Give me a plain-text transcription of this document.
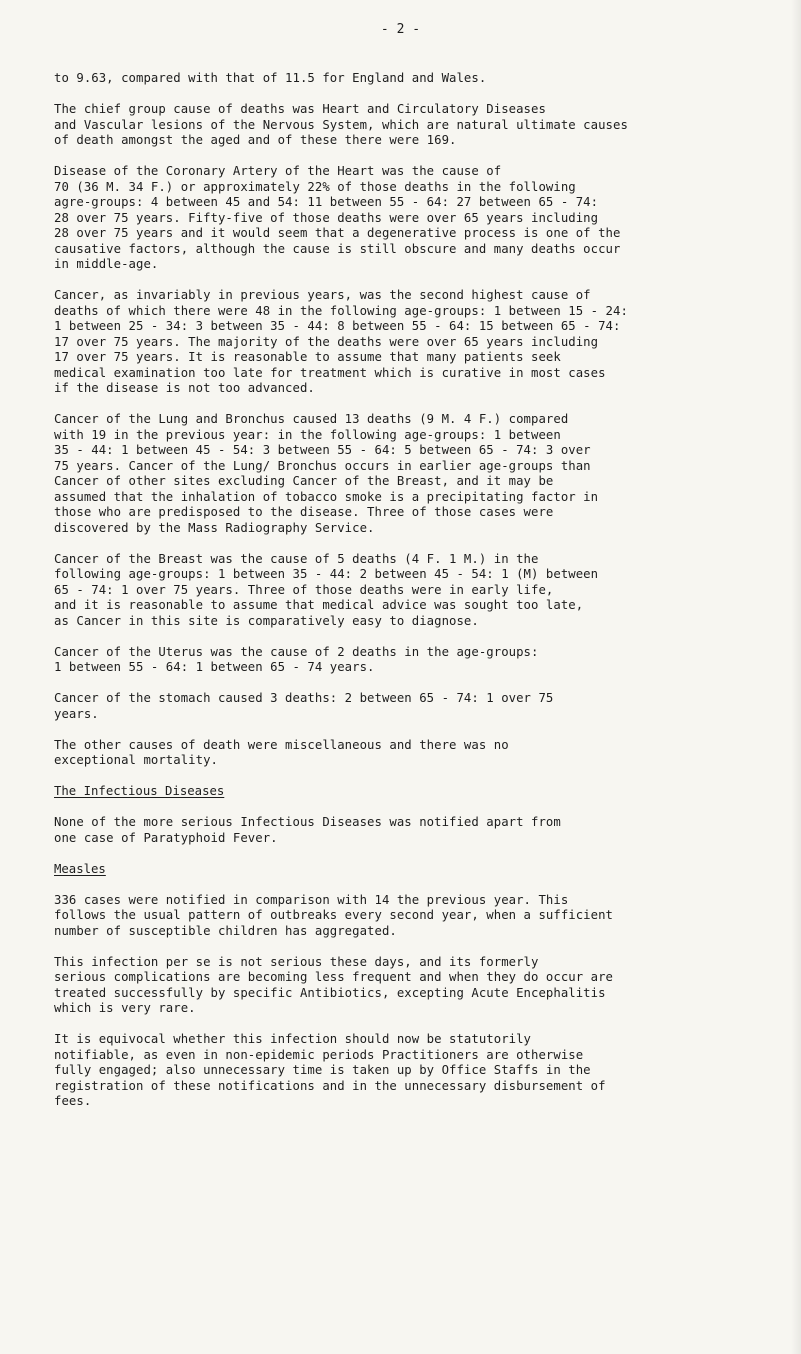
- 2 -

to 9.63, compared with that of 11.5 for England and Wales.

The chief group cause of deaths was Heart and Circulatory Diseases
and Vascular lesions of the Nervous System, which are natural ultimate causes
of death amongst the aged and of these there were 169.

Disease of the Coronary Artery of the Heart was the cause of
70 (36 M. 34 F.) or approximately 22% of those deaths in the following
agre-groups: 4 between 45 and 54: 11 between 55 - 64: 27 between 65 - 74:
28 over 75 years. Fifty-five of those deaths were over 65 years including
28 over 75 years and it would seem that a degenerative process is one of the
causative factors, although the cause is still obscure and many deaths occur
in middle-age.

Cancer, as invariably in previous years, was the second highest cause of
deaths of which there were 48 in the following age-groups: 1 between 15 - 24:
1 between 25 - 34: 3 between 35 - 44: 8 between 55 - 64: 15 between 65 - 74:
17 over 75 years. The majority of the deaths were over 65 years including
17 over 75 years. It is reasonable to assume that many patients seek
medical examination too late for treatment which is curative in most cases
if the disease is not too advanced.

Cancer of the Lung and Bronchus caused 13 deaths (9 M. 4 F.) compared
with 19 in the previous year: in the following age-groups: 1 between
35 - 44: 1 between 45 - 54: 3 between 55 - 64: 5 between 65 - 74: 3 over
75 years. Cancer of the Lung/ Bronchus occurs in earlier age-groups than
Cancer of other sites excluding Cancer of the Breast, and it may be
assumed that the inhalation of tobacco smoke is a precipitating factor in
those who are predisposed to the disease. Three of those cases were
discovered by the Mass Radiography Service.

Cancer of the Breast was the cause of 5 deaths (4 F. 1 M.) in the
following age-groups: 1 between 35 - 44: 2 between 45 - 54: 1 (M) between
65 - 74: 1 over 75 years. Three of those deaths were in early life,
and it is reasonable to assume that medical advice was sought too late,
as Cancer in this site is comparatively easy to diagnose.

Cancer of the Uterus was the cause of 2 deaths in the age-groups:
1 between 55 - 64: 1 between 65 - 74 years.

Cancer of the stomach caused 3 deaths: 2 between 65 - 74: 1 over 75
years.

The other causes of death were miscellaneous and there was no
exceptional mortality.

The Infectious Diseases

None of the more serious Infectious Diseases was notified apart from
one case of Paratyphoid Fever.

Measles

336 cases were notified in comparison with 14 the previous year. This
follows the usual pattern of outbreaks every second year, when a sufficient
number of susceptible children has aggregated.

This infection per se is not serious these days, and its formerly
serious complications are becoming less frequent and when they do occur are
treated successfully by specific Antibiotics, excepting Acute Encephalitis
which is very rare.

It is equivocal whether this infection should now be statutorily
notifiable, as even in non-epidemic periods Practitioners are otherwise
fully engaged; also unnecessary time is taken up by Office Staffs in the
registration of these notifications and in the unnecessary disbursement of
fees.
